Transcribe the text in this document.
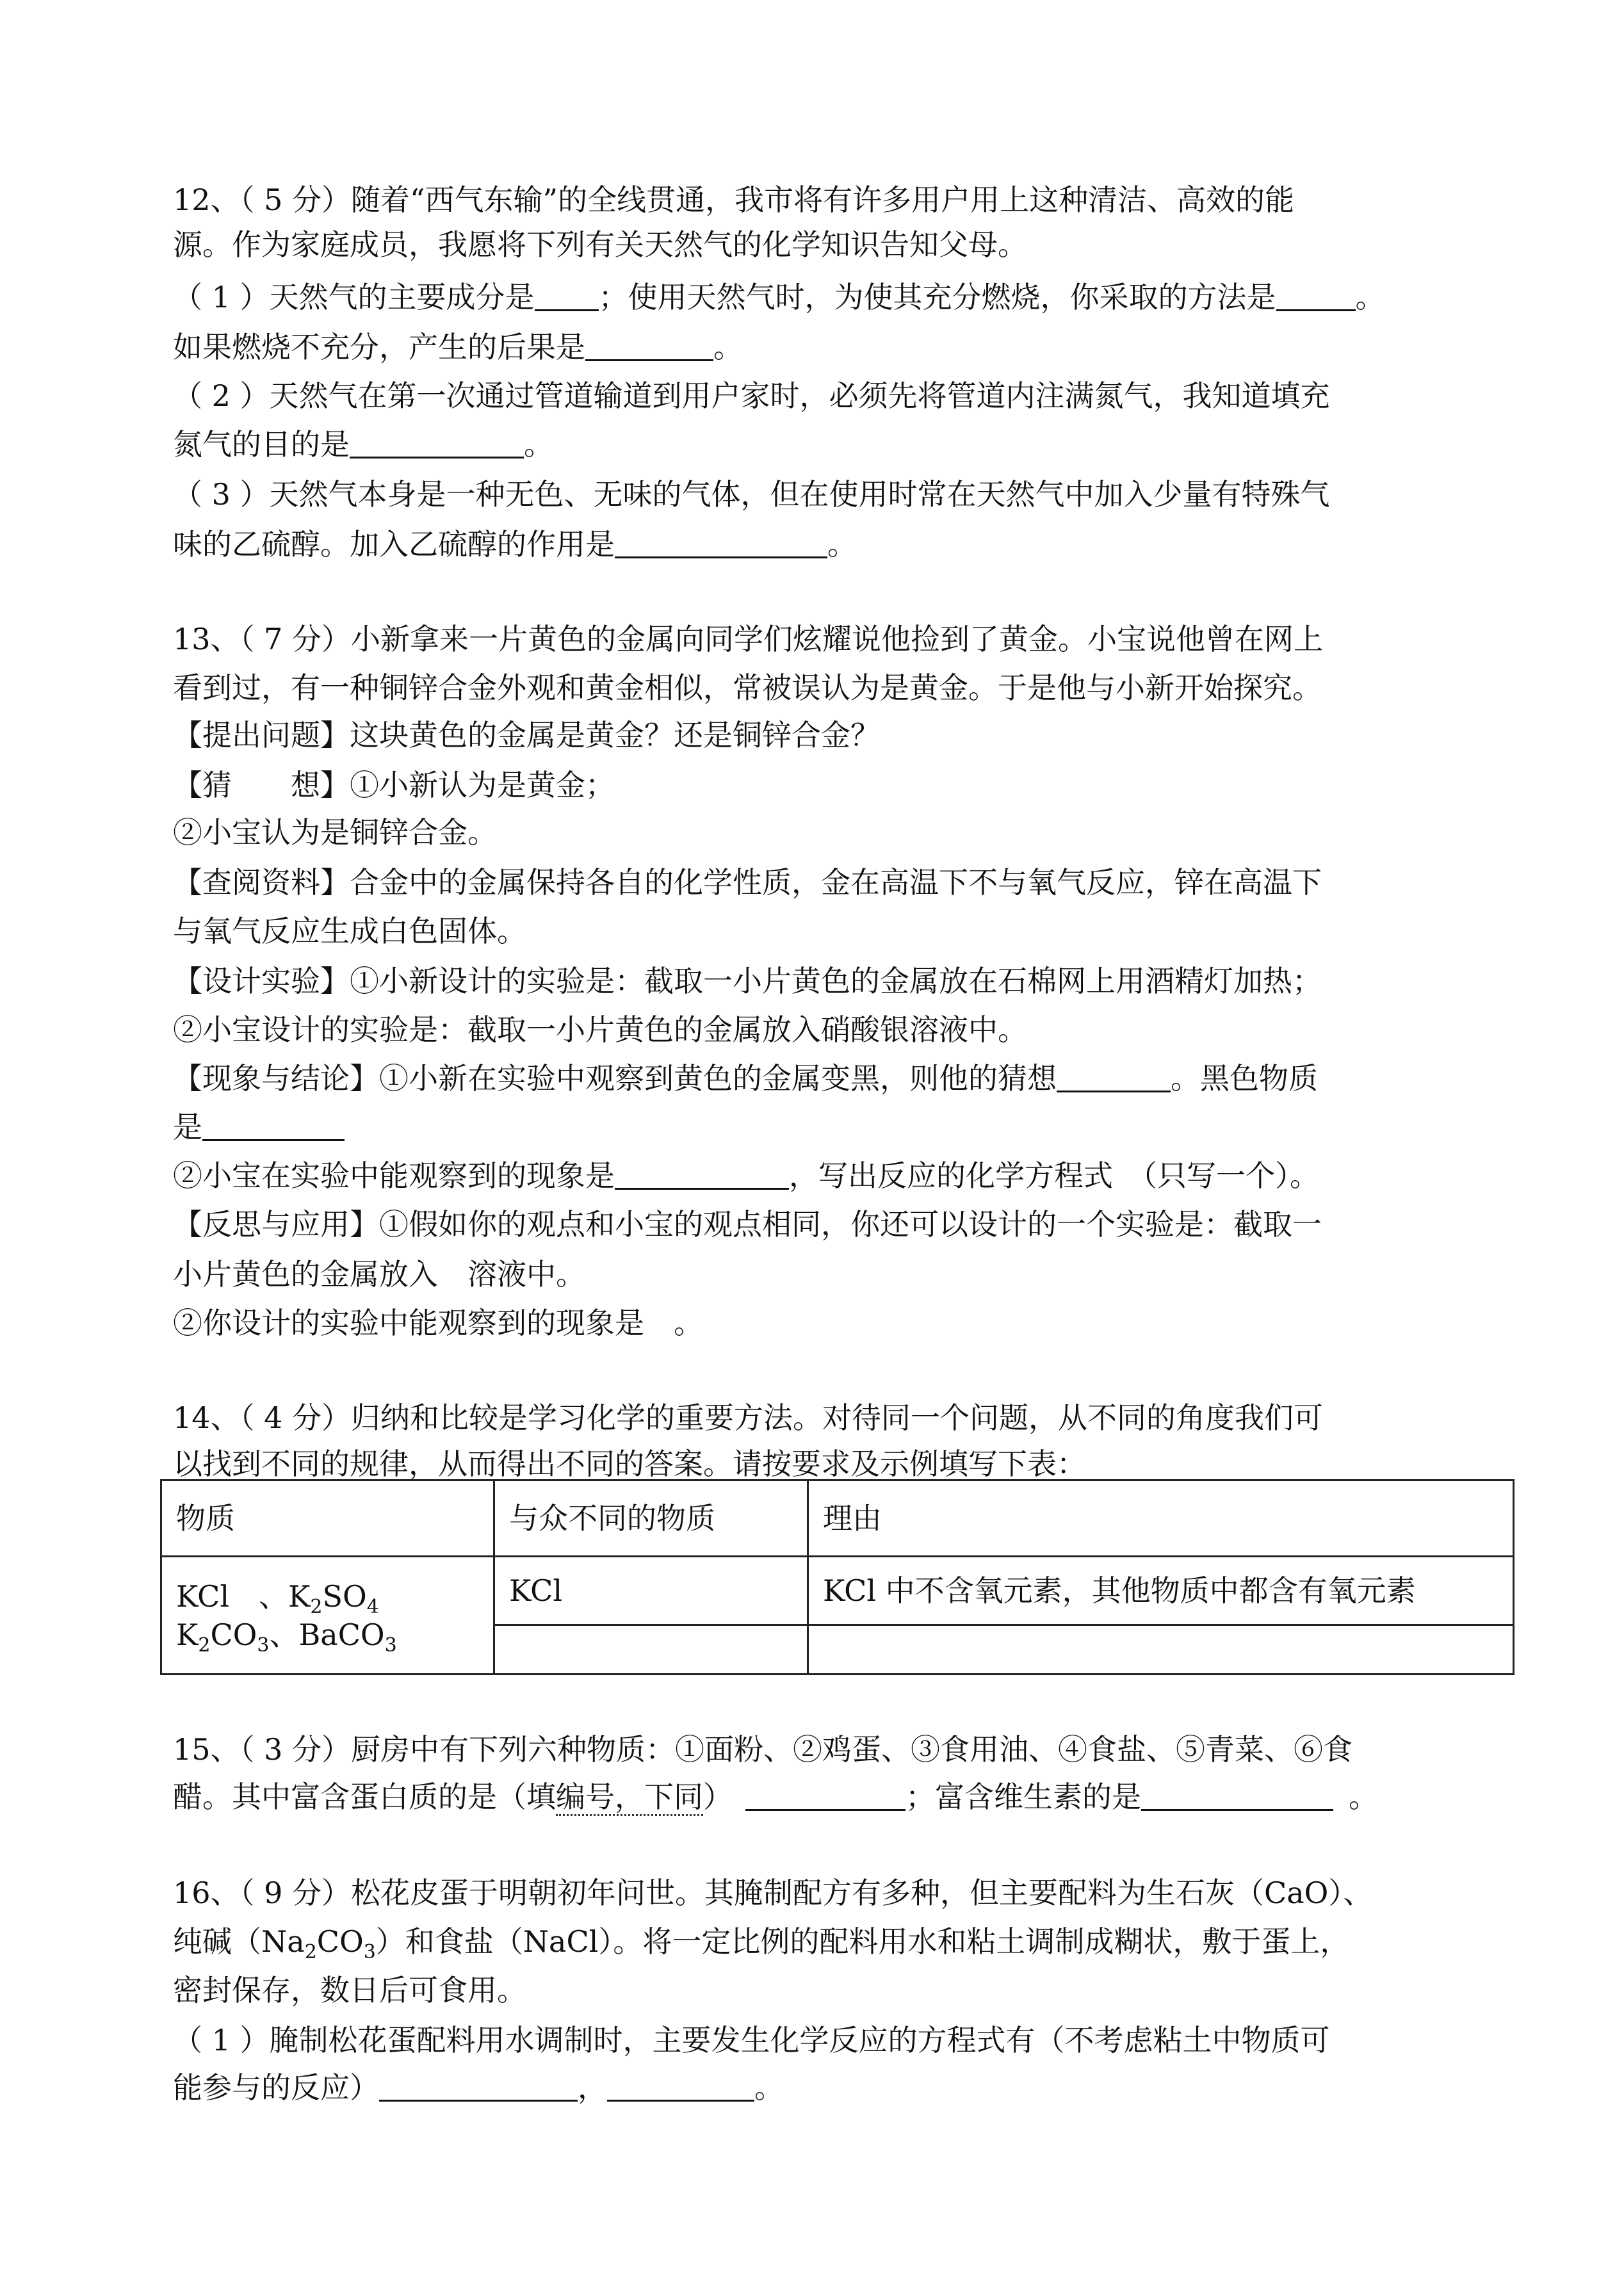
12、（ 5 分）随着“西气东输”的全线贯通，我市将有许多用户用上这种清洁、高效的能
源。作为家庭成员，我愿将下列有关天然气的化学知识告知父母。
（ 1 ）天然气的主要成分是 ；使用天然气时，为使其充分燃烧，你采取的方法是	。
如果燃烧不充分，产生的后果是	。
（ 2 ）天然气在第一次通过管道输道到用户家时，必须先将管道内注满氮气，我知道填充
氮气的目的是	。
（ 3 ）天然气本身是一种无色、无味的气体，但在使用时常在天然气中加入少量有特殊气
味的乙硫醇。加入乙硫醇的作用是	。
13、（ 7 分）小新拿来一片黄色的金属向同学们炫耀说他捡到了黄金。小宝说他曾在网上
看到过，有一种铜锌合金外观和黄金相似，常被误认为是黄金。于是他与小新开始探究。
【提出问题】这块黄色的金属是黄金？还是铜锌合金？
【猜　　想】①小新认为是黄金；
②小宝认为是铜锌合金。
【查阅资料】合金中的金属保持各自的化学性质，金在高温下不与氧气反应，锌在高温下
与氧气反应生成白色固体。
【设计实验】①小新设计的实验是：截取一小片黄色的金属放在石棉网上用酒精灯加热；
②小宝设计的实验是：截取一小片黄色的金属放入硝酸银溶液中。
【现象与结论】①小新在实验中观察到黄色的金属变黑，则他的猜想	。黑色物质
是
②小宝在实验中能观察到的现象是	，写出反应的化学方程式　（只写一个）。
【反思与应用】①假如你的观点和小宝的观点相同，你还可以设计的一个实验是：截取一
小片黄色的金属放入　溶液中。
②你设计的实验中能观察到的现象是　。
14、（ 4 分）归纳和比较是学习化学的重要方法。对待同一个问题，从不同的角度我们可
以找到不同的规律，从而得出不同的答案。请按要求及示例填写下表：
物质	与众不同的物质	理由

KCl　、$K_2SO_4$
$K_2CO_3$、BaCO$_3$	KCl	KCl 中不含氧元素，其他物质中都含有氧元素

15、（ 3 分）厨房中有下列六种物质：①面粉、②鸡蛋、③食用油、④食盐、⑤青菜、⑥食
醋。其中富含蛋白质的是（填编号，下同）	；富含维生素的是	。
16、（ 9 分）松花皮蛋于明朝初年问世。其腌制配方有多种，但主要配料为生石灰（CaO）、
纯碱$(Na_2CO_3)$和食盐（NaCl）。将一定比例的配料用水和粘土调制成糊状，敷于蛋上，
密封保存，数日后可食用。
（ 1 ）腌制松花蛋配料用水调制时，主要发生化学反应的方程式有（不考虑粘土中物质可
能参与的反应）	，	。
